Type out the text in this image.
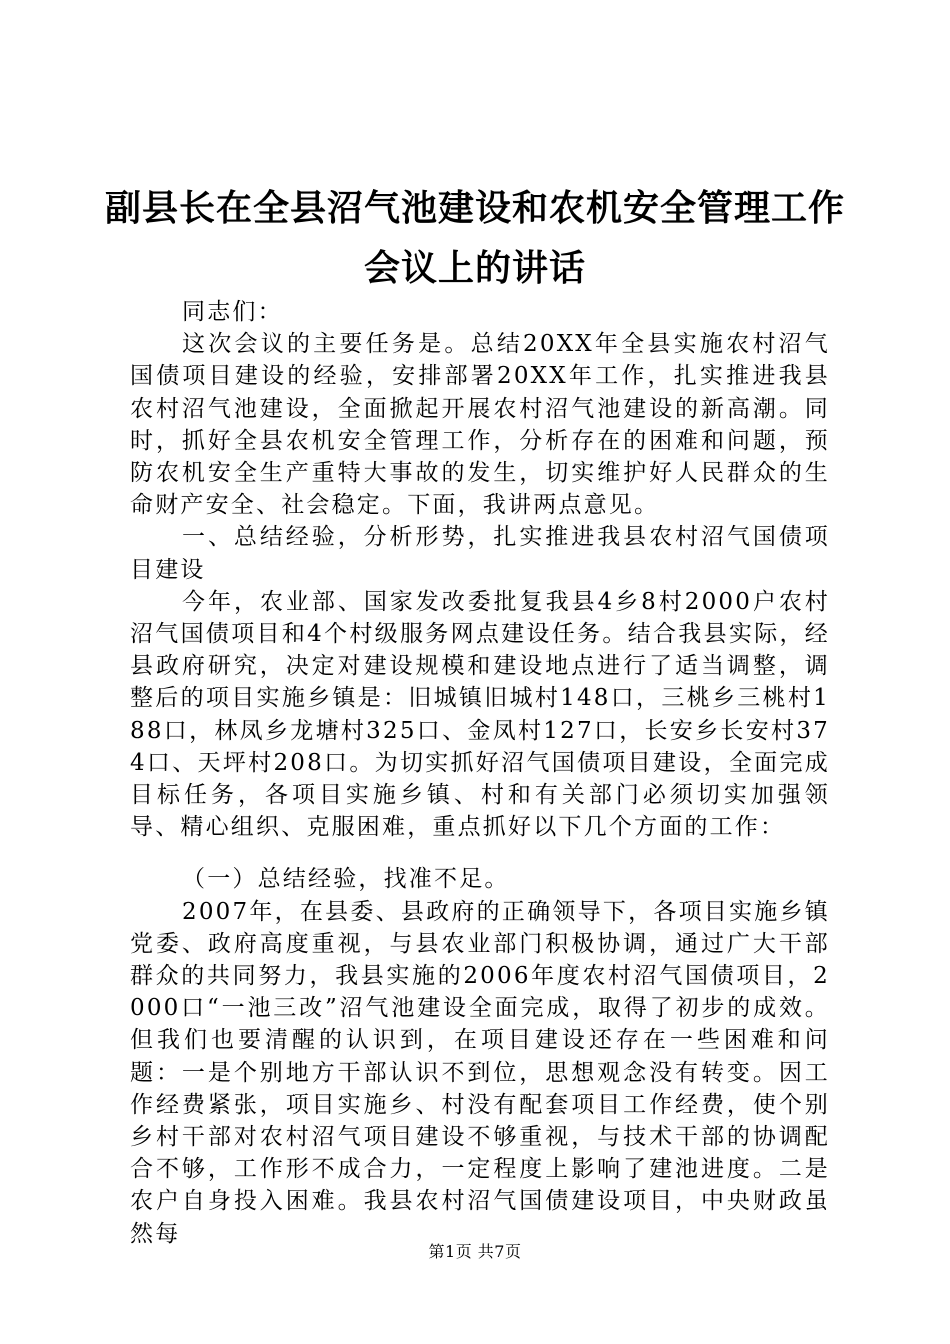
副县长在全县沼气池建设和农机安全管理工作
会议上的讲话

同志们：

这次会议的主要任务是。总结20XX年全县实施农村沼气国债项目建设的经验，安排部署20XX年工作，扎实推进我县农村沼气池建设，全面掀起开展农村沼气池建设的新高潮。同时，抓好全县农机安全管理工作，分析存在的困难和问题，预防农机安全生产重特大事故的发生，切实维护好人民群众的生命财产安全、社会稳定。下面，我讲两点意见。

一、总结经验，分析形势，扎实推进我县农村沼气国债项目建设

今年，农业部、国家发改委批复我县4乡8村2000户农村沼气国债项目和4个村级服务网点建设任务。结合我县实际，经县政府研究，决定对建设规模和建设地点进行了适当调整，调整后的项目实施乡镇是：旧城镇旧城村148口，三桃乡三桃村188口，林凤乡龙塘村325口、金凤村127口，长安乡长安村374口、天坪村208口。为切实抓好沼气国债项目建设，全面完成目标任务，各项目实施乡镇、村和有关部门必须切实加强领导、精心组织、克服困难，重点抓好以下几个方面的工作：

（一）总结经验，找准不足。

2007年，在县委、县政府的正确领导下，各项目实施乡镇党委、政府高度重视，与县农业部门积极协调，通过广大干部群众的共同努力，我县实施的2006年度农村沼气国债项目，2000口“一池三改”沼气池建设全面完成，取得了初步的成效。但我们也要清醒的认识到，在项目建设还存在一些困难和问题：一是个别地方干部认识不到位，思想观念没有转变。因工作经费紧张，项目实施乡、村没有配套项目工作经费，使个别乡村干部对农村沼气项目建设不够重视，与技术干部的协调配合不够，工作形不成合力，一定程度上影响了建池进度。二是农户自身投入困难。我县农村沼气国债建设项目，中央财政虽然每

第1页 共7页
